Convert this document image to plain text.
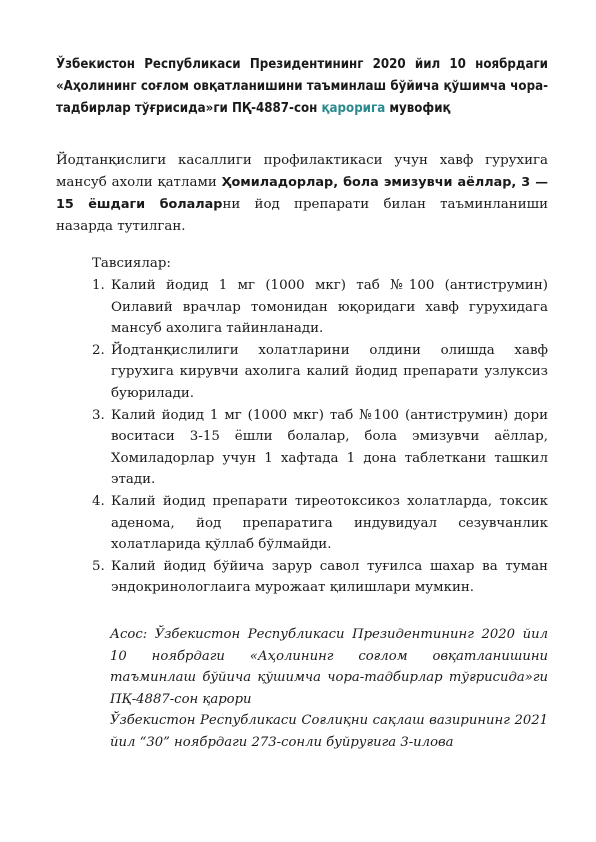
Ўзбекистон Республикаси Президентининг 2020 йил 10 ноябрдаги «Аҳолининг соғлом овқатланишини таъминлаш бўйича қўшимча чора-тадбирлар тўғрисида»ги ПҚ-4887-сон қарорига мувофиқ
Йодтанқислиги касаллиги профилактикаси учун хавф гурухига мансуб ахоли қатлами Ҳомиладорлар, бола эмизувчи аёллар, 3 — 15 ёшдаги болаларни йод препарати билан таъминланиши назарда тутилган.
Тавсиялар:
1. Калий йодид 1 мг (1000 мкг) таб №100 (антиструмин) Оилавий врачлар томонидан юқоридаги хавф гурухидага мансуб ахолига тайинланади.
2. Йодтанқислилиги холатларини олдини олишда хавф гурухига кирувчи ахолига калий йодид препарати узлуксиз буюрилади.
3. Калий йодид 1 мг (1000 мкг) таб №100 (антиструмин) дори воситаси 3-15 ёшли болалар, бола эмизувчи аёллар, Хомиладорлар учун 1 хафтада 1 дона таблеткани ташкил этади.
4. Калий йодид препарати тиреотоксикоз холатларда, токсик аденома, йод препаратига индувидуал сезувчанлик холатларида қўллаб бўлмайди.
5. Калий йодид бўйича зарур савол туғилса шахар ва туман эндокринологлаига мурожаат қилишлари мумкин.

Асос: Ўзбекистон Республикаси Президентининг 2020 йил 10 ноябрдаги «Аҳолининг соғлом овқатланишини таъминлаш бўйича қўшимча чора-тадбирлар тўғрисида»ги ПҚ-4887-сон қарори

Ўзбекистон Республикаси Соғлиқни сақлаш вазирининг 2021 йил “30” ноябрдаги 273-сонли буйруғига 3-илова
